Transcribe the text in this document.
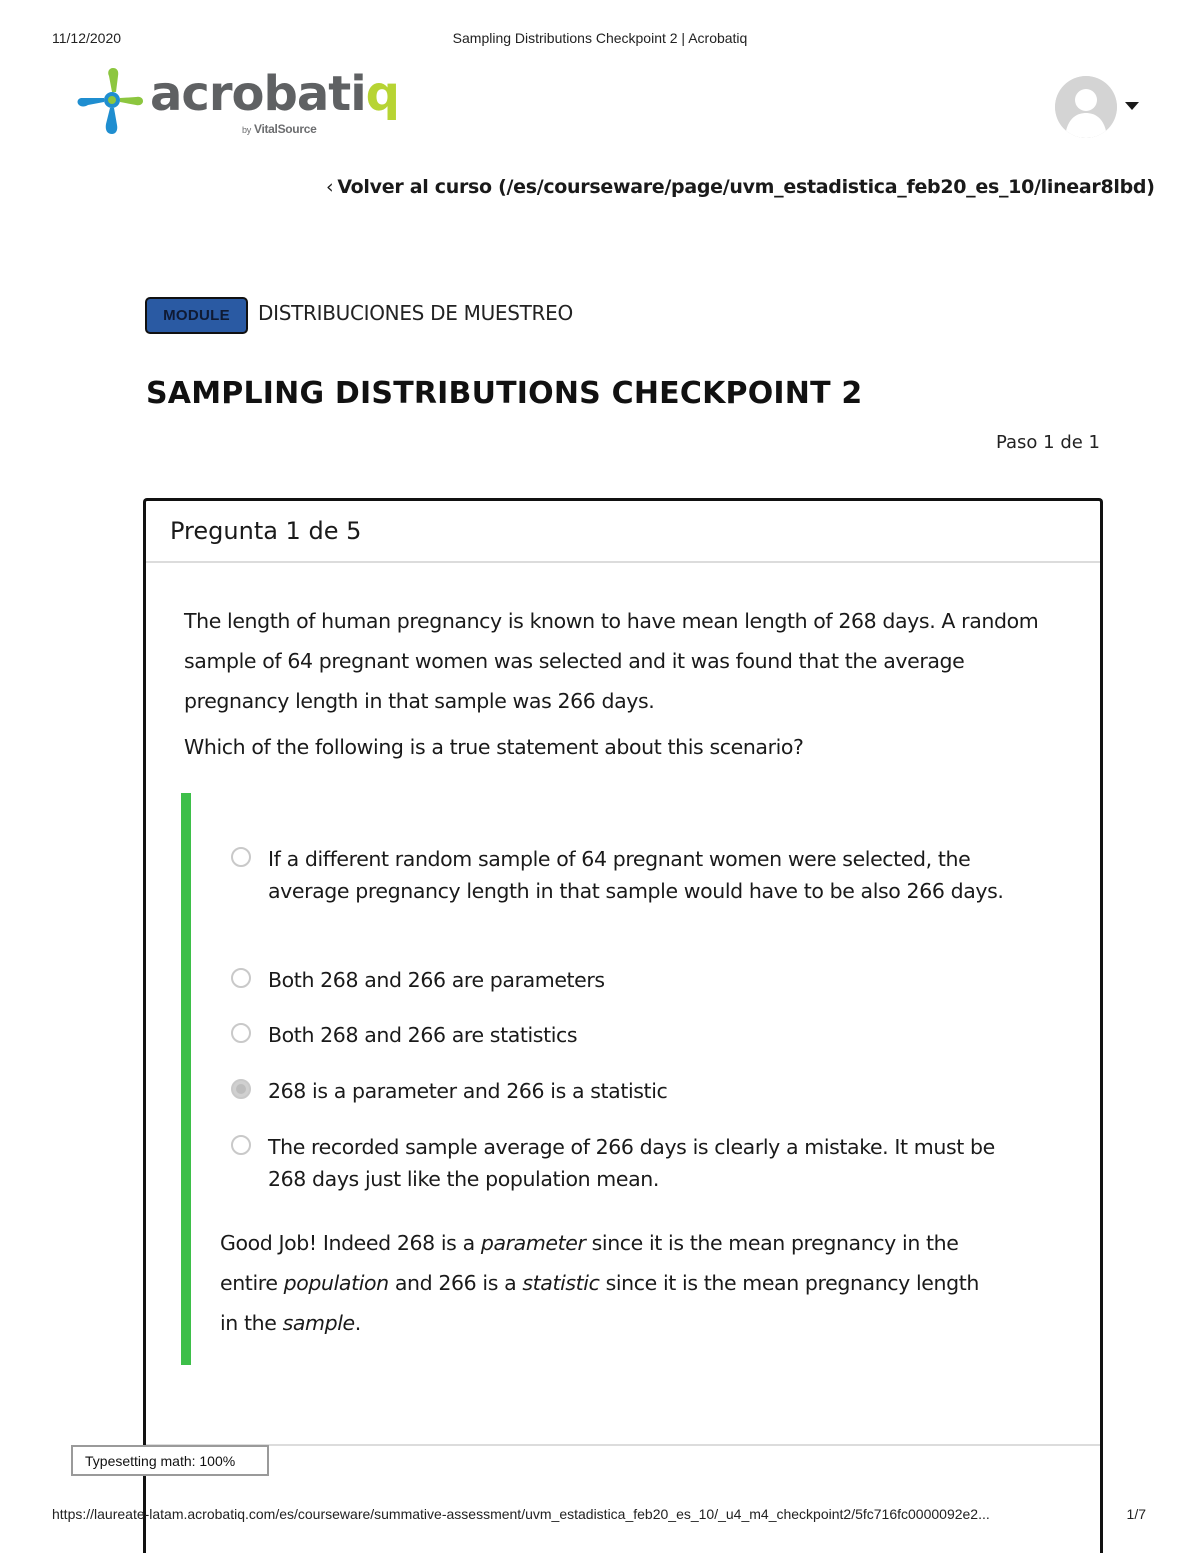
11/12/2020	Sampling Distributions Checkpoint 2 | Acrobatiq
acrobatiq
by VitalSource
‹ Volver al curso (/es/courseware/page/uvm_estadistica_feb20_es_10/linear8lbd)
MODULE	DISTRIBUCIONES DE MUESTREO
SAMPLING DISTRIBUTIONS CHECKPOINT 2
Paso 1 de 1
Pregunta 1 de 5
The length of human pregnancy is known to have mean length of 268 days. A random sample of 64 pregnant women was selected and it was found that the average pregnancy length in that sample was 266 days.
Which of the following is a true statement about this scenario?
If a different random sample of 64 pregnant women were selected, the average pregnancy length in that sample would have to be also 266 days.
Both 268 and 266 are parameters
Both 268 and 266 are statistics
268 is a parameter and 266 is a statistic
The recorded sample average of 266 days is clearly a mistake. It must be 268 days just like the population mean.
Good Job! Indeed 268 is a parameter since it is the mean pregnancy in the entire population and 266 is a statistic since it is the mean pregnancy length in the sample.
Typesetting math: 100%
https://laureate-latam.acrobatiq.com/es/courseware/summative-assessment/uvm_estadistica_feb20_es_10/_u4_m4_checkpoint2/5fc716fc0000092e2...	1/7
